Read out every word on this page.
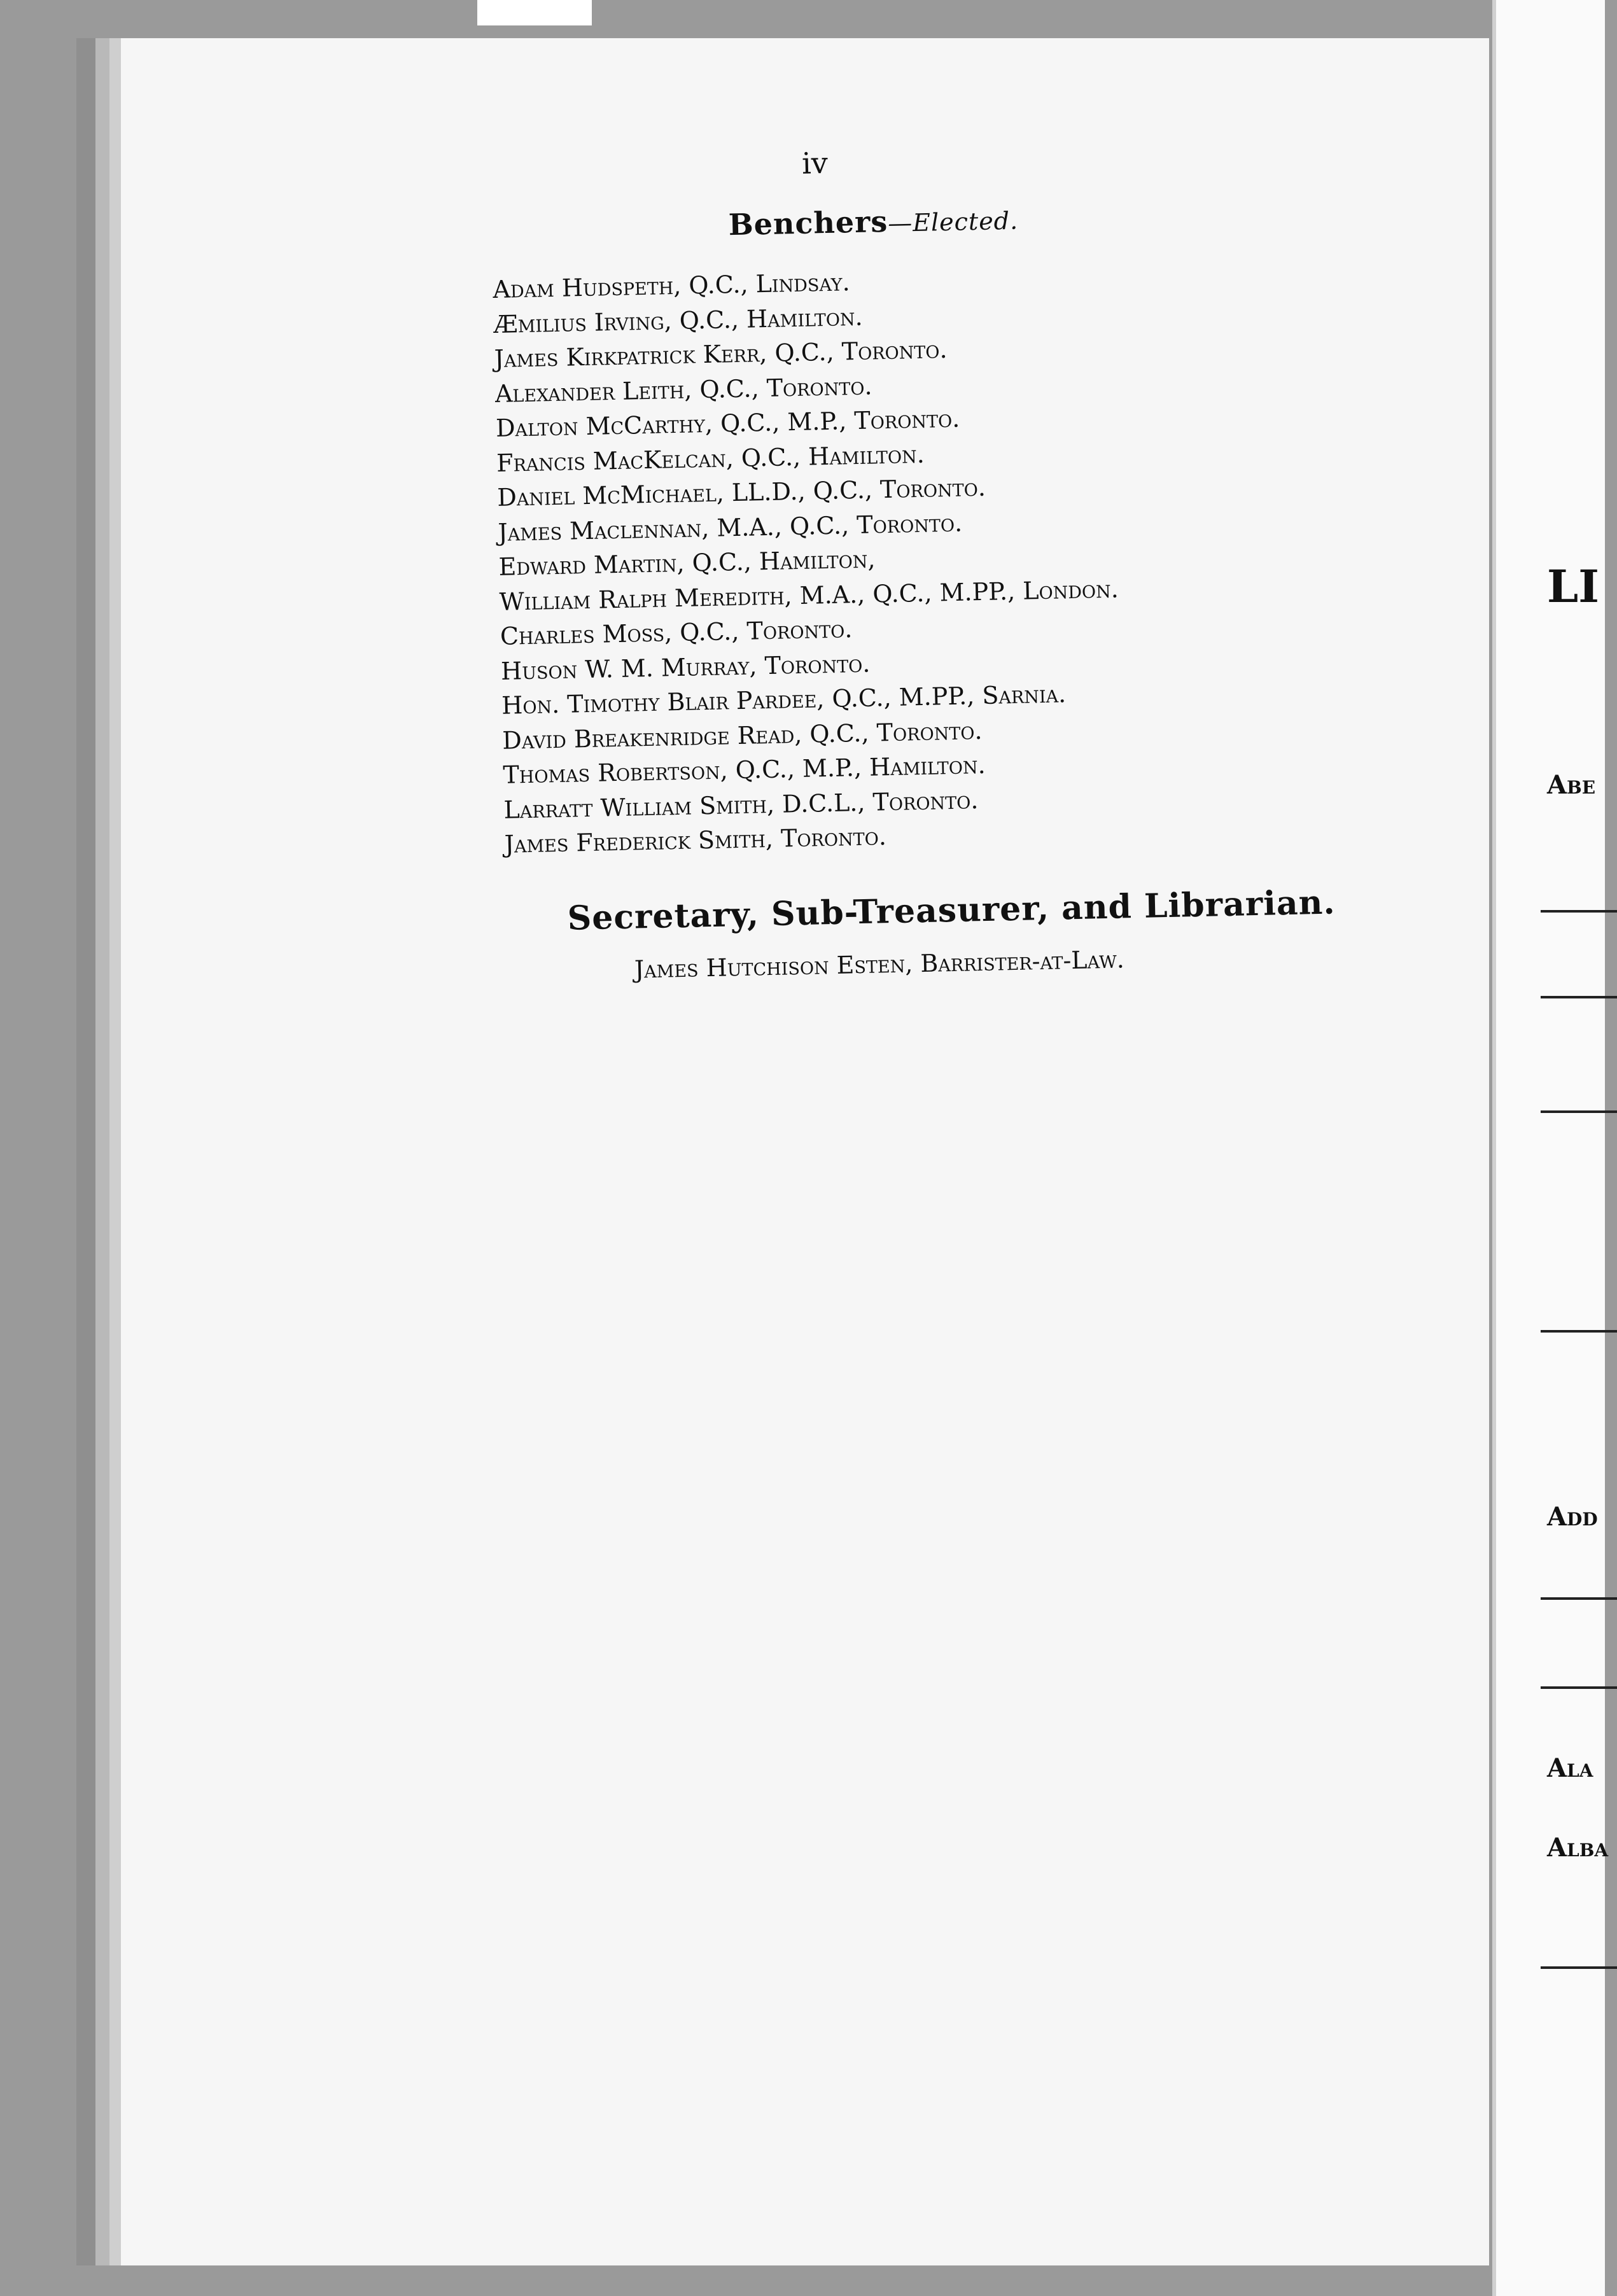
iv
Benchers—Elected.
Adam Hudspeth, Q.C., Lindsay.
Æmilius Irving, Q.C., Hamilton.
James Kirkpatrick Kerr, Q.C., Toronto.
Alexander Leith, Q.C., Toronto.
Dalton McCarthy, Q.C., M.P., Toronto.
Francis MacKelcan, Q.C., Hamilton.
Daniel McMichael, LL.D., Q.C., Toronto.
James Maclennan, M.A., Q.C., Toronto.
Edward Martin, Q.C., Hamilton,
William Ralph Meredith, M.A., Q.C., M.PP., London.
Charles Moss, Q.C., Toronto.
Huson W. M. Murray, Toronto.
Hon. Timothy Blair Pardee, Q.C., M.PP., Sarnia.
David Breakenridge Read, Q.C., Toronto.
Thomas Robertson, Q.C., M.P., Hamilton.
Larratt William Smith, D.C.L., Toronto.
James Frederick Smith, Toronto.
Secretary, Sub-Treasurer, and Librarian.
James Hutchison Esten, Barrister-at-Law.
LI
Abe
Add
Ala
Alba
